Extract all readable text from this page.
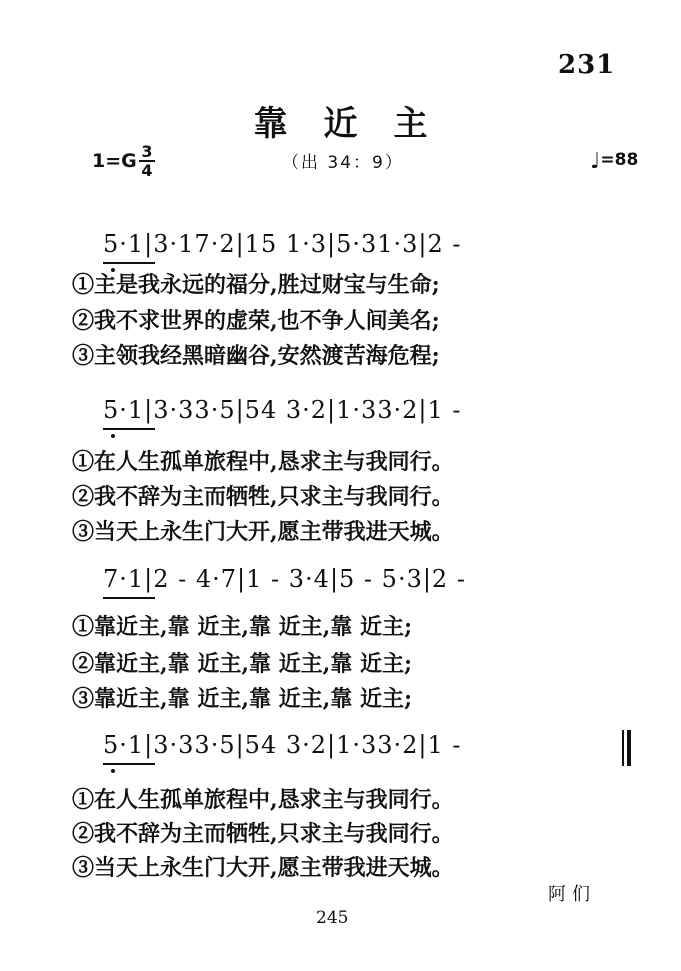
231
靠近主
1=G 3
4	（出 34：9）	♩=88
5·1|3·17·2|15 1·3|5·31·3|2 -
①主是我永远的福分,胜过财宝与生命;
②我不求世界的虚荣,也不争人间美名;
③主领我经黑暗幽谷,安然渡苦海危程;
5·1|3·33·5|54 3·2|1·33·2|1 -
①在人生孤单旅程中,恳求主与我同行。
②我不辞为主而牺牲,只求主与我同行。
③当天上永生门大开,愿主带我进天城。
7·1|2 - 4·7|1 - 3·4|5 - 5·3|2 -
①靠近主,靠 近主,靠 近主,靠 近主;
②靠近主,靠 近主,靠 近主,靠 近主;
③靠近主,靠 近主,靠 近主,靠 近主;
5·1|3·33·5|54 3·2|1·33·2|1 -
①在人生孤单旅程中,恳求主与我同行。
②我不辞为主而牺牲,只求主与我同行。
③当天上永生门大开,愿主带我进天城。
阿们
245
